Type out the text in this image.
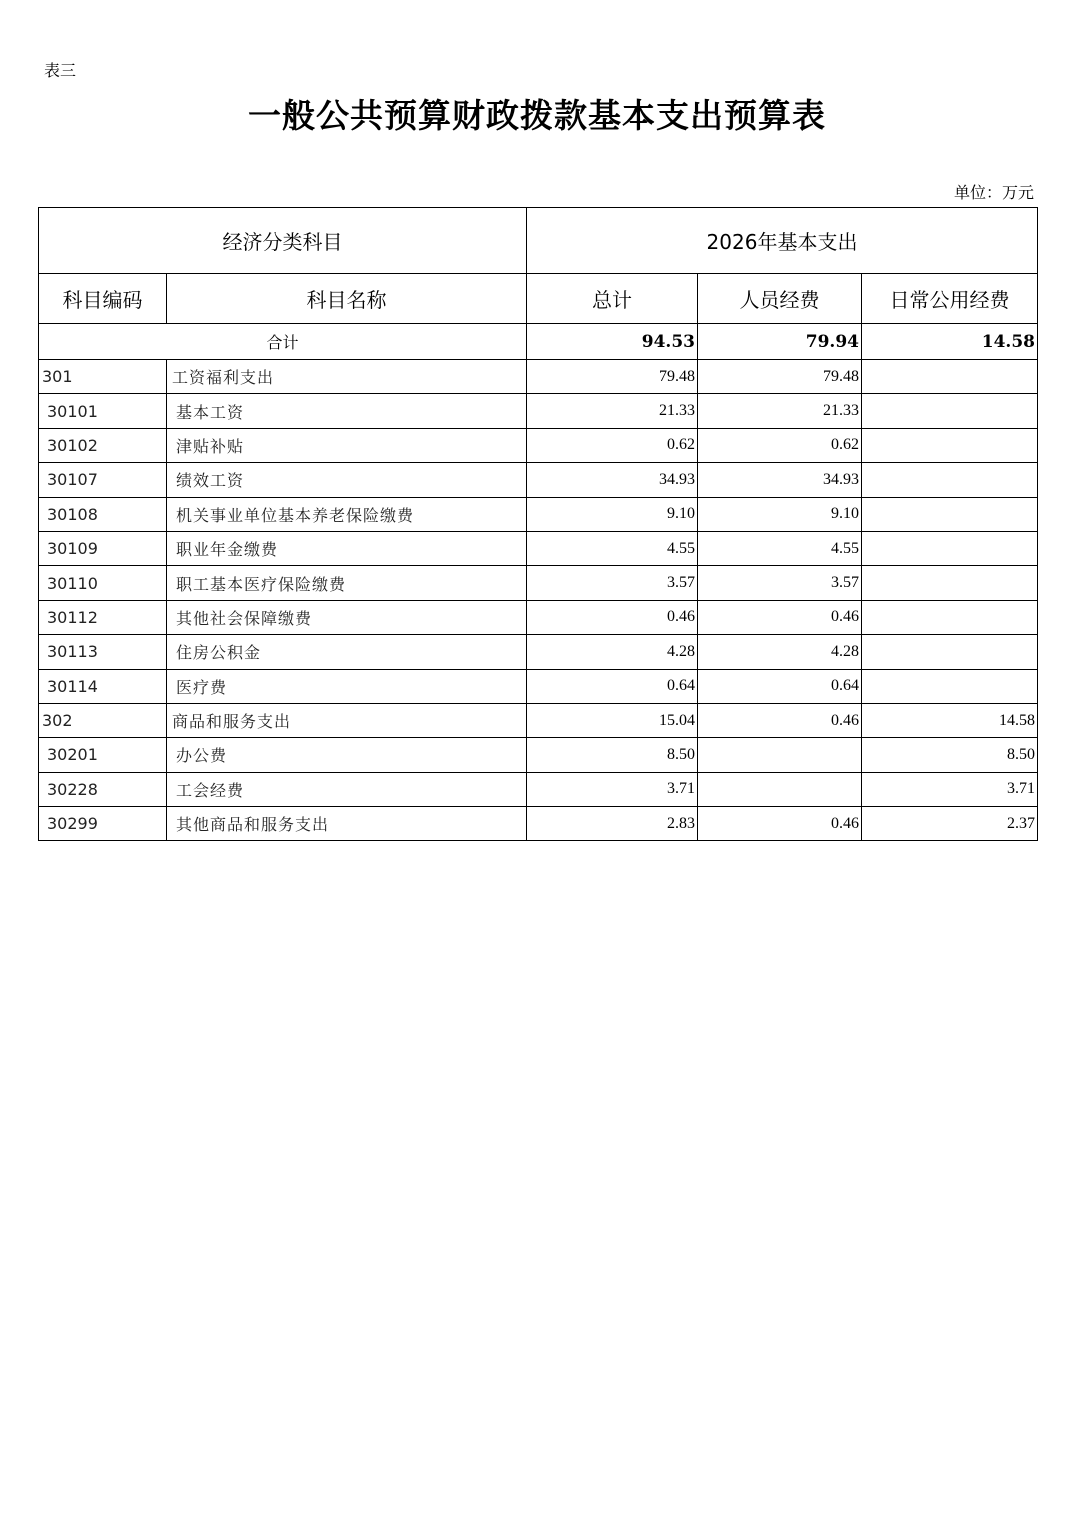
表三
一般公共预算财政拨款基本支出预算表
单位：万元
经济分类科目		2026年基本支出		
科目编码	科目名称	总计	人员经费	日常公用经费
合计		94.53	79.94	14.58
301	工资福利支出	79.48	79.48	
30101	基本工资	21.33	21.33	
30102	津贴补贴	0.62	0.62	
30107	绩效工资	34.93	34.93	
30108	机关事业单位基本养老保险缴费	9.10	9.10	
30109	职业年金缴费	4.55	4.55	
30110	职工基本医疗保险缴费	3.57	3.57	
30112	其他社会保障缴费	0.46	0.46	
30113	住房公积金	4.28	4.28	
30114	医疗费	0.64	0.64	
302	商品和服务支出	15.04	0.46	14.58
30201	办公费	8.50		8.50
30228	工会经费	3.71		3.71
30299	其他商品和服务支出	2.83	0.46	2.37
